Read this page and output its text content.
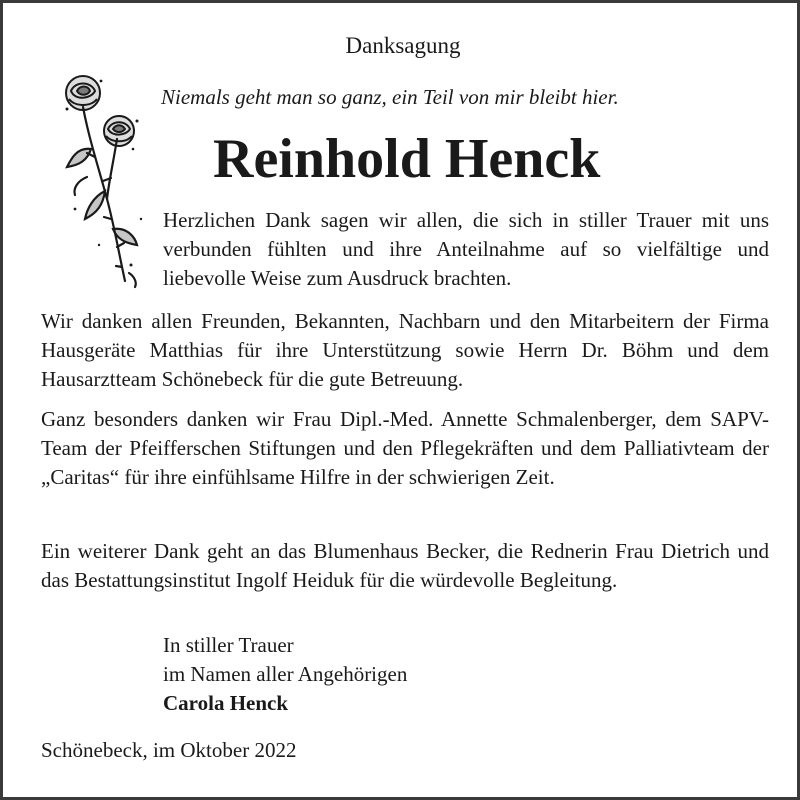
Danksagung
Niemals geht man so ganz, ein Teil von mir bleibt hier.
Reinhold Henck

Herzlichen Dank sagen wir allen, die sich in stiller Trauer mit uns verbunden fühlten und ihre Anteilnahme auf so vielfältige und liebevolle Weise zum Ausdruck brachten.

Wir danken allen Freunden, Bekannten, Nachbarn und den Mitarbeitern der Firma Hausgeräte Matthias für ihre Unterstützung sowie Herrn Dr. Böhm und dem Hausarztteam Schönebeck für die gute Betreuung.

Ganz besonders danken wir Frau Dipl.-Med. Annette Schmalenberger, dem SAPV-Team der Pfeifferschen Stiftungen und den Pflegekräften und dem Palliativteam der „Caritas“ für ihre einfühlsame Hilfre in der schwierigen Zeit.

Ein weiterer Dank geht an das Blumenhaus Becker, die Rednerin Frau Dietrich und das Bestattungsinstitut Ingolf Heiduk für die würdevolle Begleitung.

In stiller Trauer
im Namen aller Angehörigen
Carola Henck
Schönebeck, im Oktober 2022
